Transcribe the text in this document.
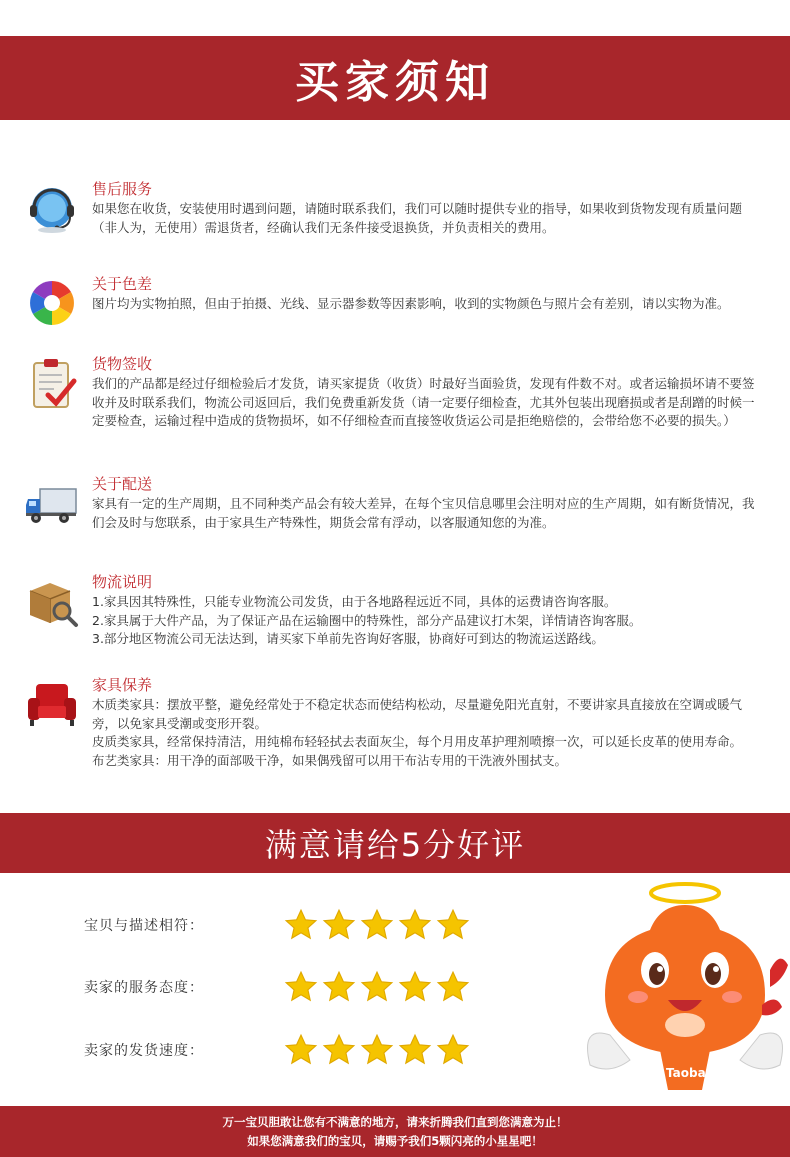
买家须知
售后服务

如果您在收货，安装使用时遇到问题，请随时联系我们，我们可以随时提供专业的指导，如果收到货物发现有质量问题（非人为，无使用）需退货者，经确认我们无条件接受退换货，并负责相关的费用。

关于色差

图片均为实物拍照，但由于拍摄、光线、显示器参数等因素影响，收到的实物颜色与照片会有差别，请以实物为准。

货物签收

我们的产品都是经过仔细检验后才发货，请买家提货（收货）时最好当面验货，发现有件数不对。或者运输损坏请不要签收并及时联系我们，物流公司返回后，我们免费重新发货（请一定要仔细检查，尤其外包装出现磨损或者是刮蹭的时候一定要检查，运输过程中造成的货物损坏，如不仔细检查而直接签收货运公司是拒绝赔偿的，会带给您不必要的损失。）

关于配送

家具有一定的生产周期，且不同种类产品会有较大差异，在每个宝贝信息哪里会注明对应的生产周期，如有断货情况，我们会及时与您联系，由于家具生产特殊性，期货会常有浮动，以客服通知您的为准。

物流说明

1.家具因其特殊性，只能专业物流公司发货，由于各地路程远近不同，具体的运费请咨询客服。

2.家具属于大件产品，为了保证产品在运输圈中的特殊性，部分产品建议打木架，详情请咨询客服。

3.部分地区物流公司无法达到，请买家下单前先咨询好客服，协商好可到达的物流运送路线。

家具保养

木质类家具：摆放平整，避免经常处于不稳定状态而使结构松动，尽量避免阳光直射，不要讲家具直接放在空调或暖气旁，以免家具受潮或变形开裂。

皮质类家具，经常保持清洁，用纯棉布轻轻拭去表面灰尘，每个月用皮革护理剂喷擦一次，可以延长皮革的使用寿命。

布艺类家具：用干净的面部吸干净，如果偶残留可以用干布沾专用的干洗液外围拭支。

满意请给5分好评
宝贝与描述相符：
卖家的服务态度：
卖家的发货速度：
Taobao

万一宝贝胆敢让您有不满意的地方，请来折腾我们直到您满意为止！

如果您满意我们的宝贝，请赐予我们5颗闪亮的小星星吧！
